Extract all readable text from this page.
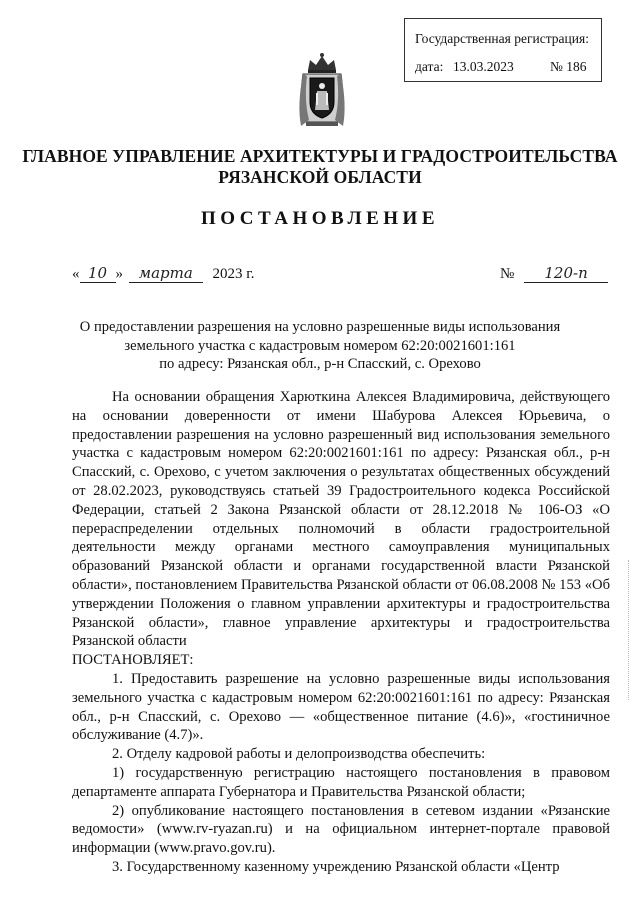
Государственная регистрация:
дата: 13.03.2023	№ 186
ГЛАВНОЕ УПРАВЛЕНИЕ АРХИТЕКТУРЫ И ГРАДОСТРОИТЕЛЬСТВА
РЯЗАНСКОЙ ОБЛАСТИ
ПОСТАНОВЛЕНИЕ
« 10 » марта 2023 г.	№ 120-п
О предоставлении разрешения на условно разрешенные виды использования
земельного участка с кадастровым номером 62:20:0021601:161
по адресу: Рязанская обл., р-н Спасский, с. Орехово

На основании обращения Харюткина Алексея Владимировича, действующего на основании доверенности от имени Шабурова Алексея Юрьевича, о предоставлении разрешения на условно разрешенный вид использования земельного участка с кадастровым номером 62:20:0021601:161 по адресу: Рязанская обл., р-н Спасский, с. Орехово, с учетом заключения о результатах общественных обсуждений от 28.02.2023, руководствуясь статьей 39 Градостроительного кодекса Российской Федерации, статьей 2 Закона Рязанской области от 28.12.2018 № 106-ОЗ «О перераспределении отдельных полномочий в области градостроительной деятельности между органами местного самоуправления муниципальных образований Рязанской области и органами государственной власти Рязанской области», постановлением Правительства Рязанской области от 06.08.2008 № 153 «Об утверждении Положения о главном управлении архитектуры и градостроительства Рязанской области», главное управление архитектуры и градостроительства Рязанской области

ПОСТАНОВЛЯЕТ:

1. Предоставить разрешение на условно разрешенные виды использования земельного участка с кадастровым номером 62:20:0021601:161 по адресу: Рязанская обл., р-н Спасский, с. Орехово — «общественное питание (4.6)», «гостиничное обслуживание (4.7)».

2. Отделу кадровой работы и делопроизводства обеспечить:

1) государственную регистрацию настоящего постановления в правовом департаменте аппарата Губернатора и Правительства Рязанской области;

2) опубликование настоящего постановления в сетевом издании «Рязанские ведомости» (www.rv-ryazan.ru) и на официальном интернет-портале правовой информации (www.pravo.gov.ru).

3. Государственному казенному учреждению Рязанской области «Центр
